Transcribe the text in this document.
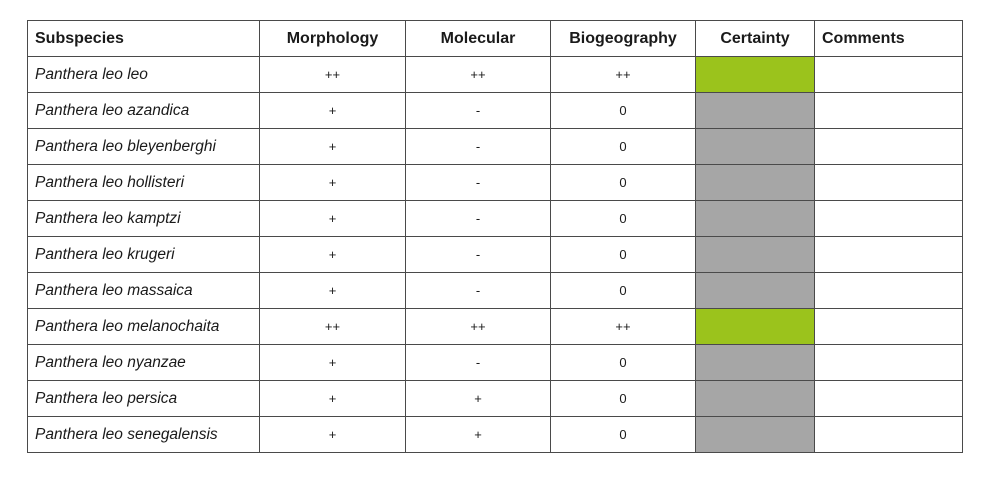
Subspecies	Morphology	Molecular	Biogeography	Certainty	Comments
Panthera leo leo	++	++	++		
Panthera leo azandica	+	-	0		
Panthera leo bleyenberghi	+	-	0		
Panthera leo hollisteri	+	-	0		
Panthera leo kamptzi	+	-	0		
Panthera leo krugeri	+	-	0		
Panthera leo massaica	+	-	0		
Panthera leo melanochaita	++	++	++		
Panthera leo nyanzae	+	-	0		
Panthera leo persica	+	+	0		
Panthera leo senegalensis	+	+	0		
